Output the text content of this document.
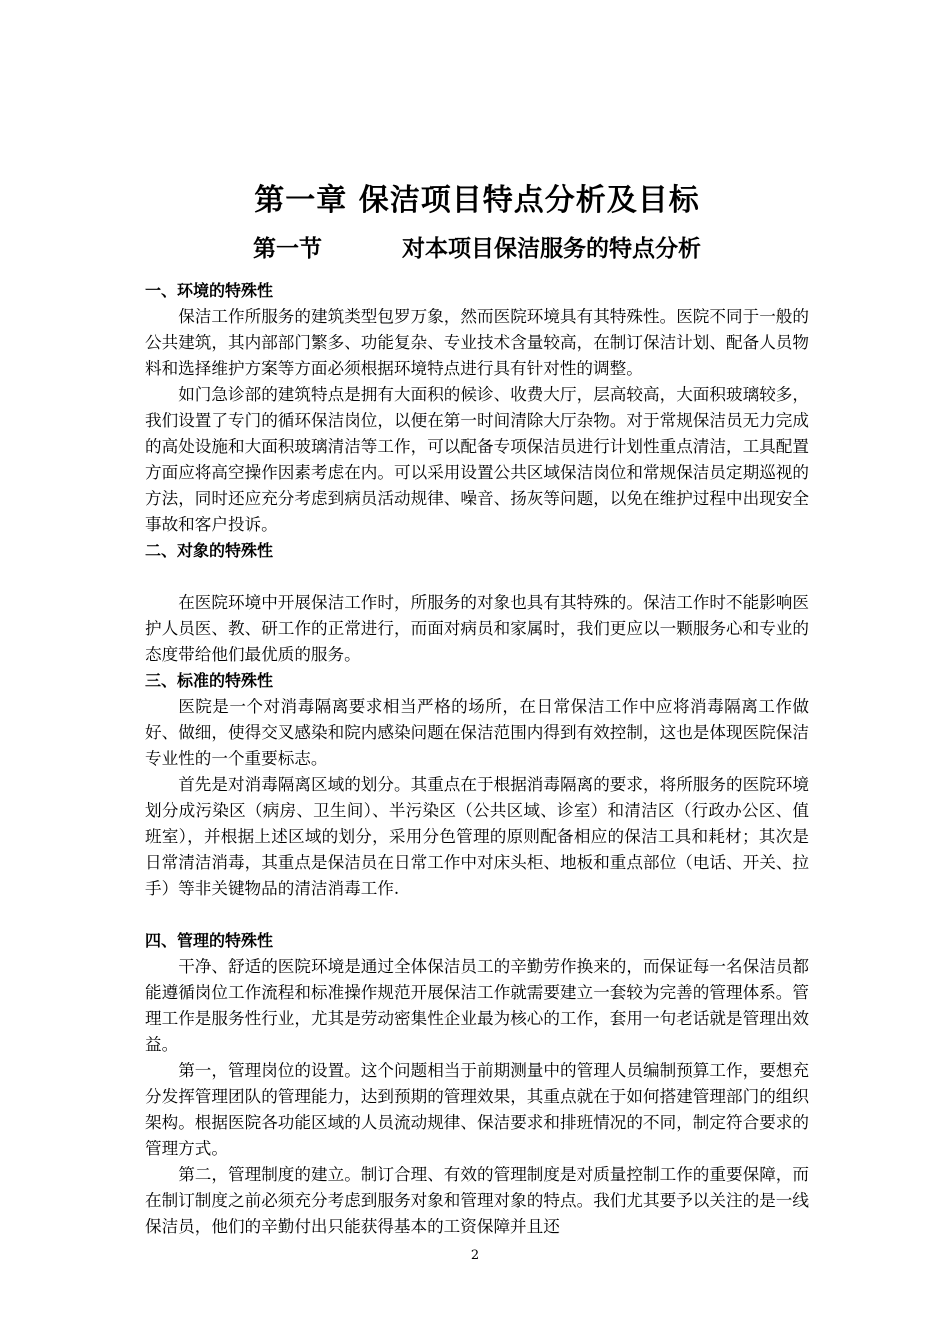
第一章 保洁项目特点分析及目标
第一节	对本项目保洁服务的特点分析
一、环境的特殊性

保洁工作所服务的建筑类型包罗万象，然而医院环境具有其特殊性。医院不同于一般的公共建筑，其内部部门繁多、功能复杂、专业技术含量较高，在制订保洁计划、配备人员物料和选择维护方案等方面必须根据环境特点进行具有针对性的调整。

如门急诊部的建筑特点是拥有大面积的候诊、收费大厅，层高较高，大面积玻璃较多，我们设置了专门的循环保洁岗位，以便在第一时间清除大厅杂物。对于常规保洁员无力完成的高处设施和大面积玻璃清洁等工作，可以配备专项保洁员进行计划性重点清洁，工具配置方面应将高空操作因素考虑在内。可以采用设置公共区域保洁岗位和常规保洁员定期巡视的方法，同时还应充分考虑到病员活动规律、噪音、扬灰等问题，以免在维护过程中出现安全事故和客户投诉。

二、对象的特殊性

在医院环境中开展保洁工作时，所服务的对象也具有其特殊的。保洁工作时不能影响医护人员医、教、研工作的正常进行，而面对病员和家属时，我们更应以一颗服务心和专业的态度带给他们最优质的服务。

三、标准的特殊性

医院是一个对消毒隔离要求相当严格的场所，在日常保洁工作中应将消毒隔离工作做好、做细，使得交叉感染和院内感染问题在保洁范围内得到有效控制，这也是体现医院保洁专业性的一个重要标志。

首先是对消毒隔离区域的划分。其重点在于根据消毒隔离的要求，将所服务的医院环境划分成污染区（病房、卫生间）、半污染区（公共区域、诊室）和清洁区（行政办公区、值班室），并根据上述区域的划分，采用分色管理的原则配备相应的保洁工具和耗材；其次是日常清洁消毒，其重点是保洁员在日常工作中对床头柜、地板和重点部位（电话、开关、拉手）等非关键物品的清洁消毒工作.

四、管理的特殊性

干净、舒适的医院环境是通过全体保洁员工的辛勤劳作换来的，而保证每一名保洁员都能遵循岗位工作流程和标准操作规范开展保洁工作就需要建立一套较为完善的管理体系。管理工作是服务性行业，尤其是劳动密集性企业最为核心的工作，套用一句老话就是管理出效益。

第一，管理岗位的设置。这个问题相当于前期测量中的管理人员编制预算工作，要想充分发挥管理团队的管理能力，达到预期的管理效果，其重点就在于如何搭建管理部门的组织架构。根据医院各功能区域的人员流动规律、保洁要求和排班情况的不同，制定符合要求的管理方式。

第二，管理制度的建立。制订合理、有效的管理制度是对质量控制工作的重要保障，而在制订制度之前必须充分考虑到服务对象和管理对象的特点。我们尤其要予以关注的是一线保洁员，他们的辛勤付出只能获得基本的工资保障并且还

2
